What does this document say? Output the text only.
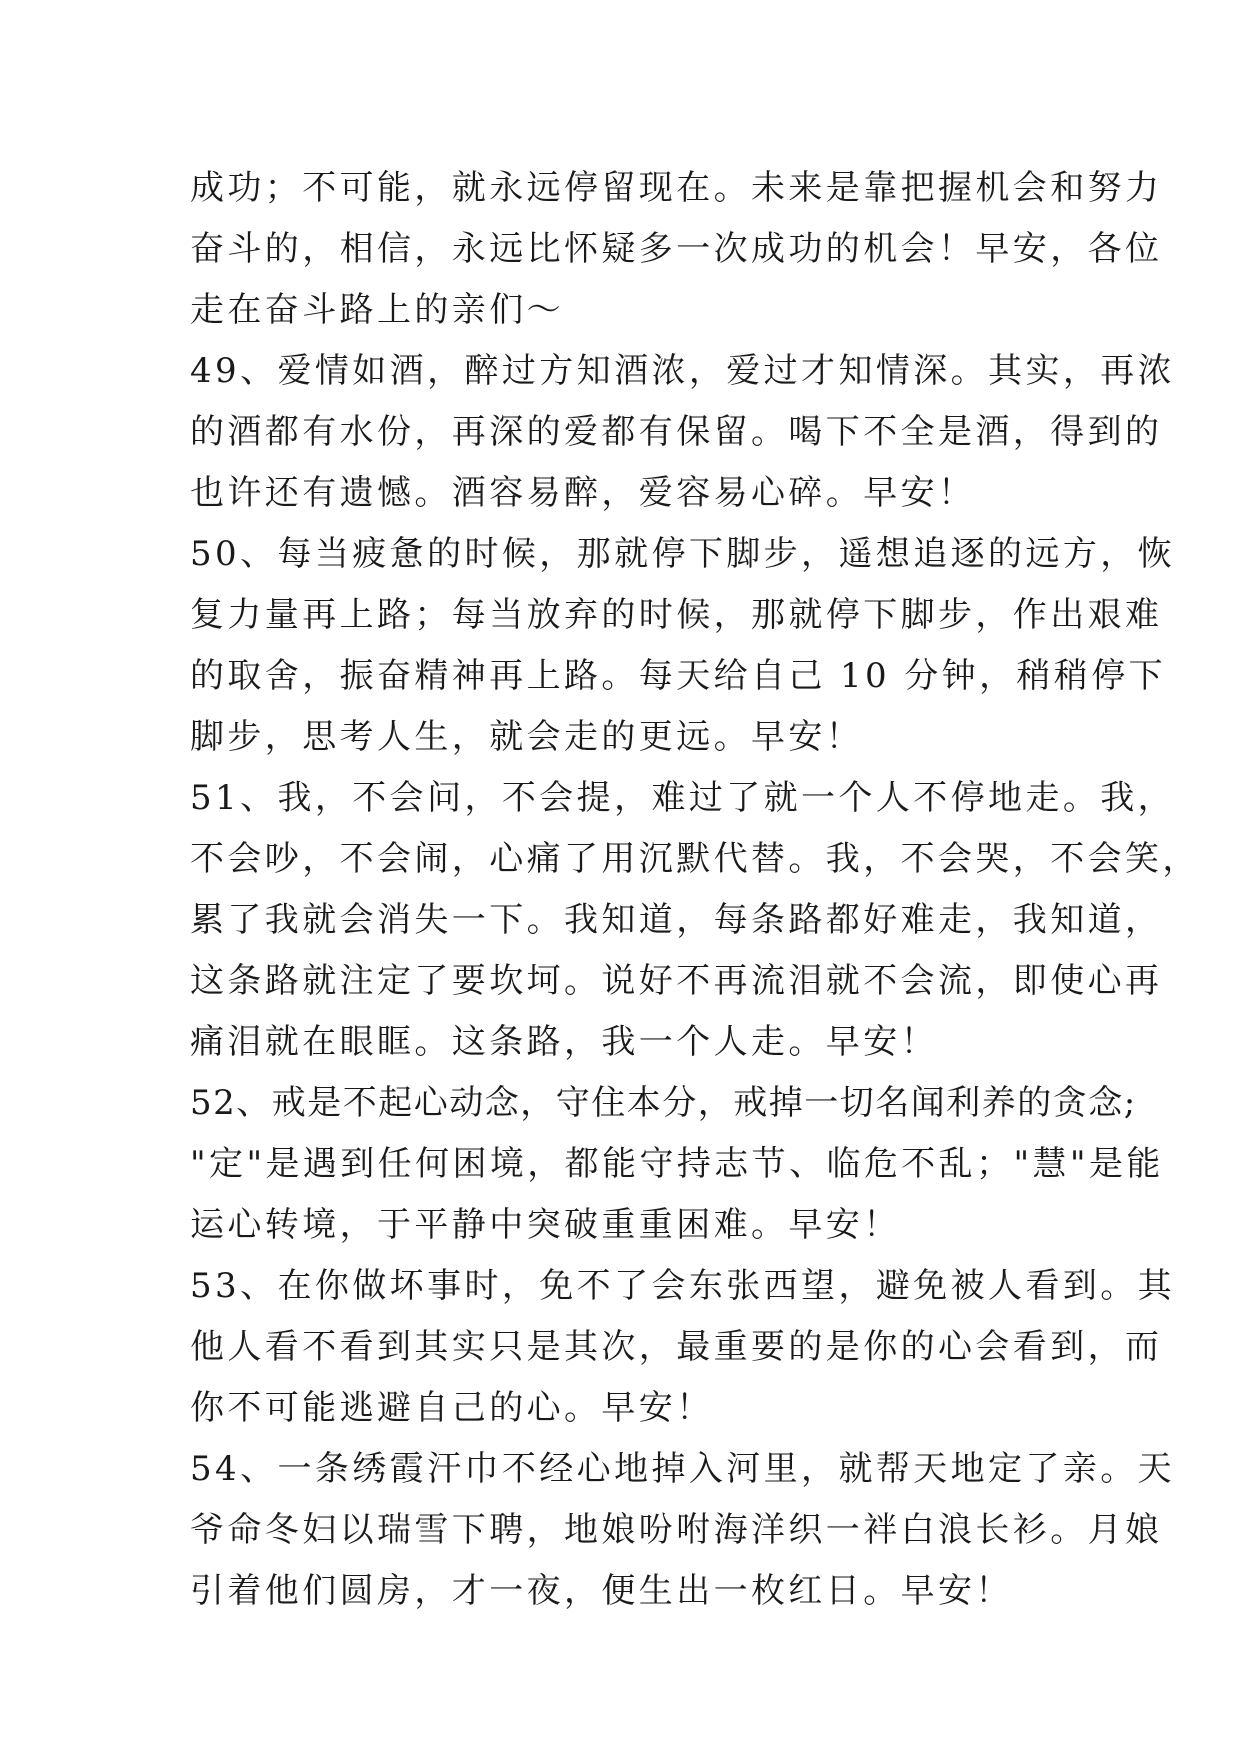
成功；不可能，就永远停留现在。未来是靠把握机会和努力
奋斗的，相信，永远比怀疑多一次成功的机会！早安，各位
走在奋斗路上的亲们～
49、爱情如酒，醉过方知酒浓，爱过才知情深。其实，再浓
的酒都有水份，再深的爱都有保留。喝下不全是酒，得到的
也许还有遗憾。酒容易醉，爱容易心碎。早安！
50、每当疲惫的时候，那就停下脚步，遥想追逐的远方，恢
复力量再上路；每当放弃的时候，那就停下脚步，作出艰难
的取舍，振奋精神再上路。每天给自己 10 分钟，稍稍停下
脚步，思考人生，就会走的更远。早安！
51、我，不会问，不会提，难过了就一个人不停地走。我，
不会吵，不会闹，心痛了用沉默代替。我，不会哭，不会笑，
累了我就会消失一下。我知道，每条路都好难走，我知道，
这条路就注定了要坎坷。说好不再流泪就不会流，即使心再
痛泪就在眼眶。这条路，我一个人走。早安！
52、戒是不起心动念，守住本分，戒掉一切名闻利养的贪念;
"定"是遇到任何困境，都能守持志节、临危不乱；"慧"是能
运心转境，于平静中突破重重困难。早安！
53、在你做坏事时，免不了会东张西望，避免被人看到。其
他人看不看到其实只是其次，最重要的是你的心会看到，而
你不可能逃避自己的心。早安！
54、一条绣霞汗巾不经心地掉入河里，就帮天地定了亲。天
爷命冬妇以瑞雪下聘，地娘吩咐海洋织一袢白浪长衫。月娘
引着他们圆房，才一夜，便生出一枚红日。早安！
